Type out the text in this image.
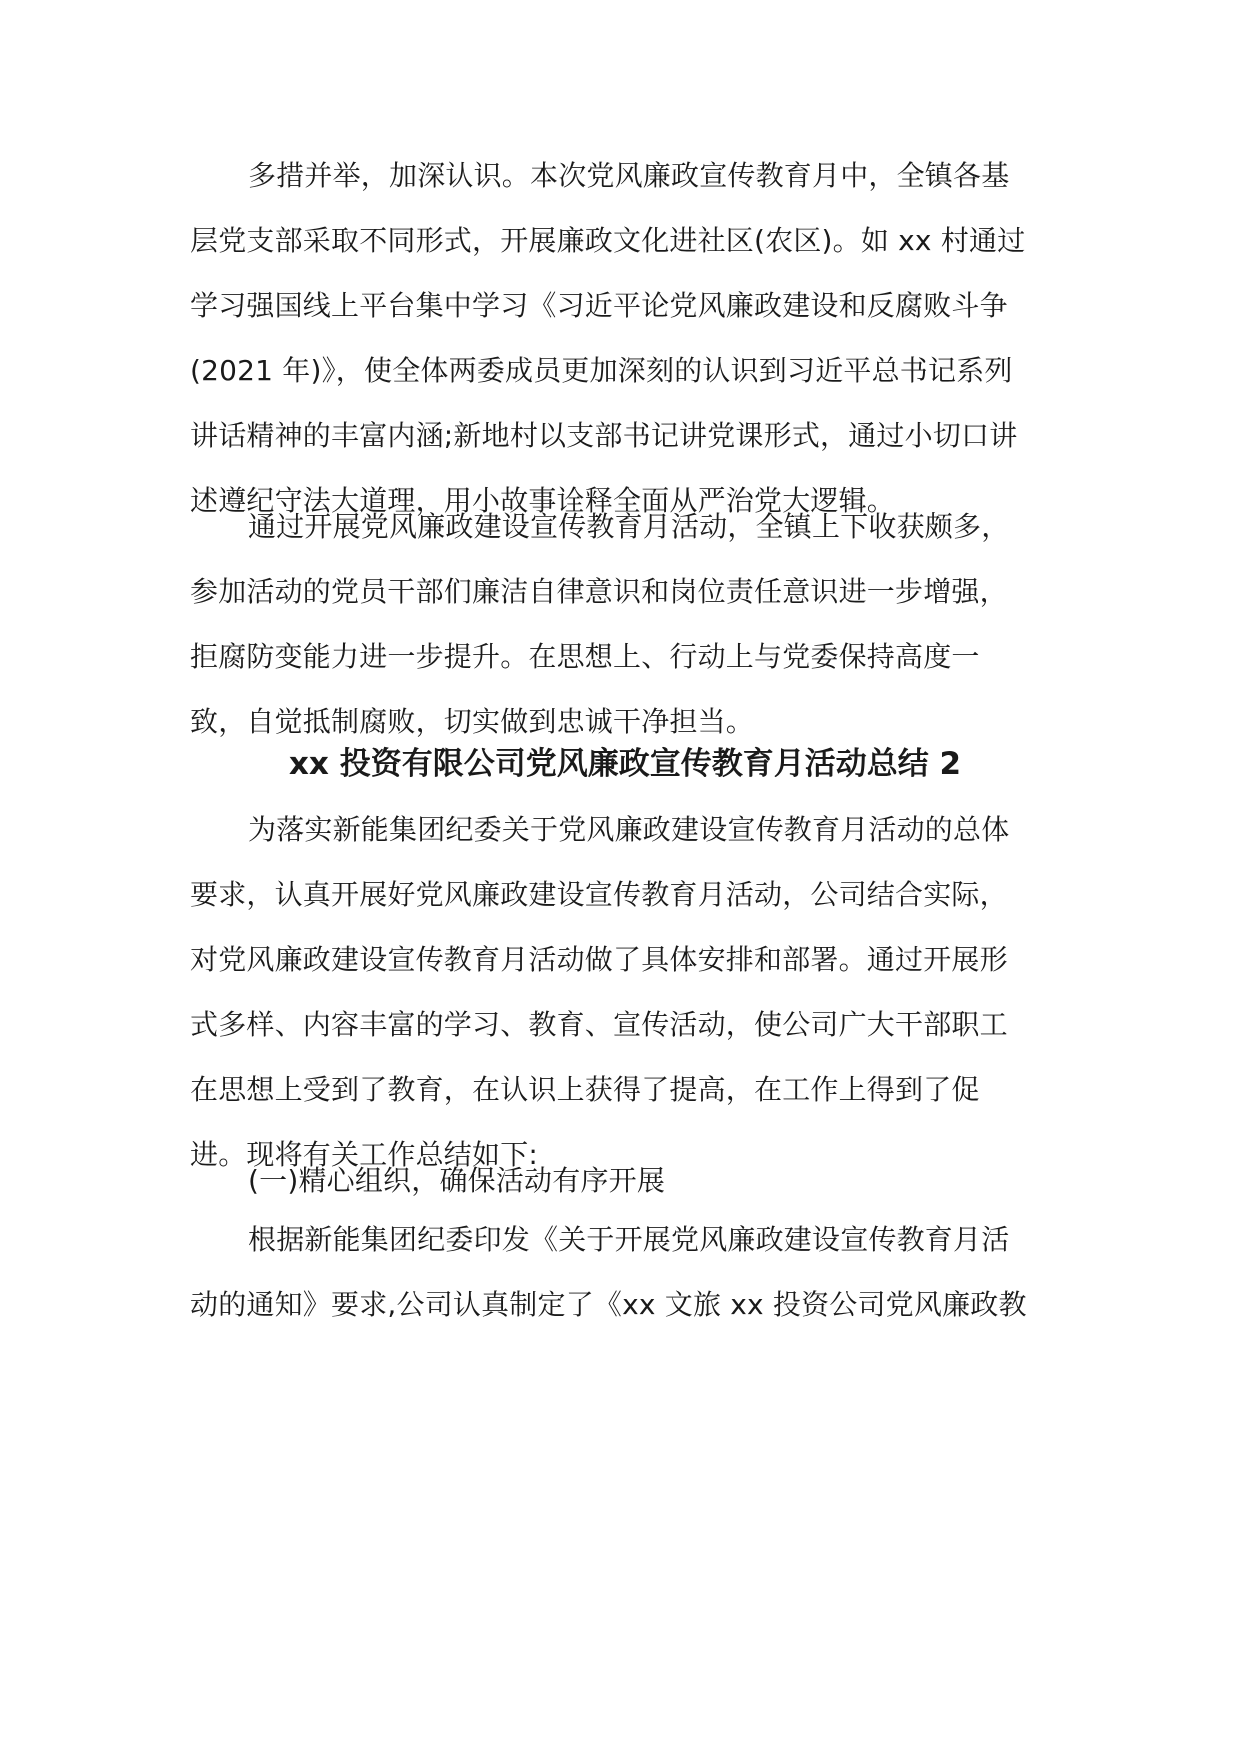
多措并举，加深认识。本次党风廉政宣传教育月中，全镇各基
层党支部采取不同形式，开展廉政文化进社区(农区)。如 xx 村通过
学习强国线上平台集中学习《习近平论党风廉政建设和反腐败斗争
(2021 年)》，使全体两委成员更加深刻的认识到习近平总书记系列
讲话精神的丰富内涵;新地村以支部书记讲党课形式，通过小切口讲
述遵纪守法大道理，用小故事诠释全面从严治党大逻辑。
通过开展党风廉政建设宣传教育月活动，全镇上下收获颇多，
参加活动的党员干部们廉洁自律意识和岗位责任意识进一步增强，
拒腐防变能力进一步提升。在思想上、行动上与党委保持高度一
致，自觉抵制腐败，切实做到忠诚干净担当。
xx 投资有限公司党风廉政宣传教育月活动总结 2
为落实新能集团纪委关于党风廉政建设宣传教育月活动的总体
要求，认真开展好党风廉政建设宣传教育月活动，公司结合实际，
对党风廉政建设宣传教育月活动做了具体安排和部署。通过开展形
式多样、内容丰富的学习、教育、宣传活动，使公司广大干部职工
在思想上受到了教育，在认识上获得了提高，在工作上得到了促
进。现将有关工作总结如下:
(一)精心组织，确保活动有序开展
根据新能集团纪委印发《关于开展党风廉政建设宣传教育月活
动的通知》要求,公司认真制定了《xx 文旅 xx 投资公司党风廉政教
